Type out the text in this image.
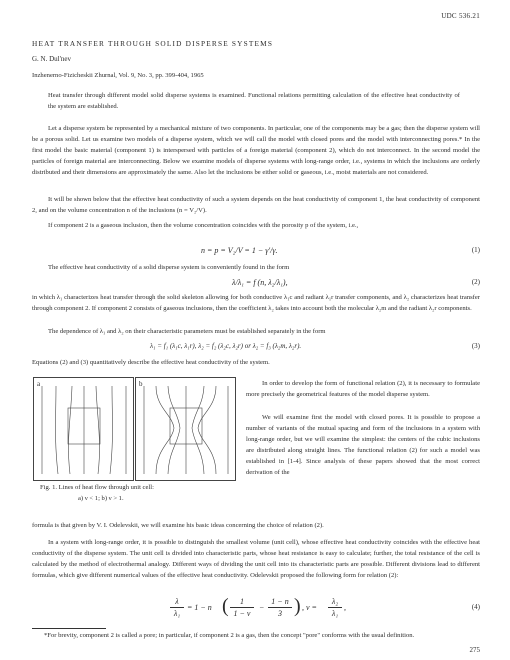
UDC 536.21
HEAT TRANSFER THROUGH SOLID DISPERSE SYSTEMS
G. N. Dul'nev
Inzhenerno-Fizicheskii Zhurnal, Vol. 9, No. 3, pp. 399-404, 1965
Heat transfer through different model solid disperse systems is examined. Functional relations permitting calculation of the effective heat conductivity of the system are established.
Let a disperse system be represented by a mechanical mixture of two components. In particular, one of the components may be a gas; then the disperse system will be a porous solid. Let us examine two models of a disperse system, which we will call the model with closed pores and the model with interconnecting pores.* In the first model the basic material (component 1) is interspersed with particles of a foreign material (component 2), which do not interconnect. In the second model the particles of foreign material are interconnecting. Below we examine models of disperse systems with long-range order, i.e., systems in which the inclusions are orderly distributed and their dimensions are approximately the same. Also let the inclusions be either solid or gaseous, i.e., moist materials are not considered.
It will be shown below that the effective heat conductivity of such a system depends on the heat conductivity of component 1, the heat conductivity of component 2, and on the volume concentration n of the inclusions (n = V₂/V).
If component 2 is a gaseous inclusion, then the volume concentration coincides with the porosity p of the system, i.e.,
n = p = V₂/V = 1 − γ'/γ.	(1)
The effective heat conductivity of a solid disperse system is conveniently found in the form
λ/λ₁ = f (n, λ₂/λ₁),	(2)
in which λ₁ characterizes heat transfer through the solid skeleton allowing for both conductive λ₁c and radiant λ₁r transfer components, and λ₂ characterizes heat transfer through component 2. If component 2 consists of gaseous inclusions, then the coefficient λ₂ takes into account both the molecular λ₂m and the radiant λ₂r components.
The dependence of λ₁ and λ₂ on their characteristic parameters must be established separately in the form
λ₁ = f₁ (λ₁c, λ₁r), λ₂ = f₂ (λ₂c, λ₂r) or λ₂ = f₃ (λ₂m, λ₂r).	(3)
Equations (2) and (3) quantitatively describe the effective heat conductivity of the system.
a	b
Fig. 1. Lines of heat flow through unit cell:
a) ν < 1; b) ν > 1.
In order to develop the form of functional relation (2), it is necessary to formulate more precisely the geometrical features of the model disperse system.
We will examine first the model with closed pores. It is possible to propose a number of variants of the mutual spacing and form of the inclusions in a system with long-range order, but we will examine the simplest: the centers of the cubic inclusions are distributed along straight lines. The functional relation (2) for such a model was established in [1-4]. Since analysis of these papers showed that the most correct derivation of the
formula is that given by V. I. Odelevskii, we will examine his basic ideas concerning the choice of relation (2).
In a system with long-range order, it is possible to distinguish the smallest volume (unit cell), whose effective heat conductivity coincides with the effective heat conductivity of the disperse system. The unit cell is divided into characteristic parts, whose heat resistance is easy to calculate; further, the total resistance of the cell is calculated by the method of electrothermal analogy. Different ways of dividing the unit cell into its characteristic parts are possible. Different divisions lead to different formulas, which give different numerical values of the effective heat conductivity. Odelevskii proposed the following form for relation (2):
λ
λ₁
= 1 − n (	1
1 − ν
−
1 − n
3 ) , ν =
λ₂
λ₁
,	(4)
*For brevity, component 2 is called a pore; in particular, if component 2 is a gas, then the concept "pore" conforms with the usual definition.
275
